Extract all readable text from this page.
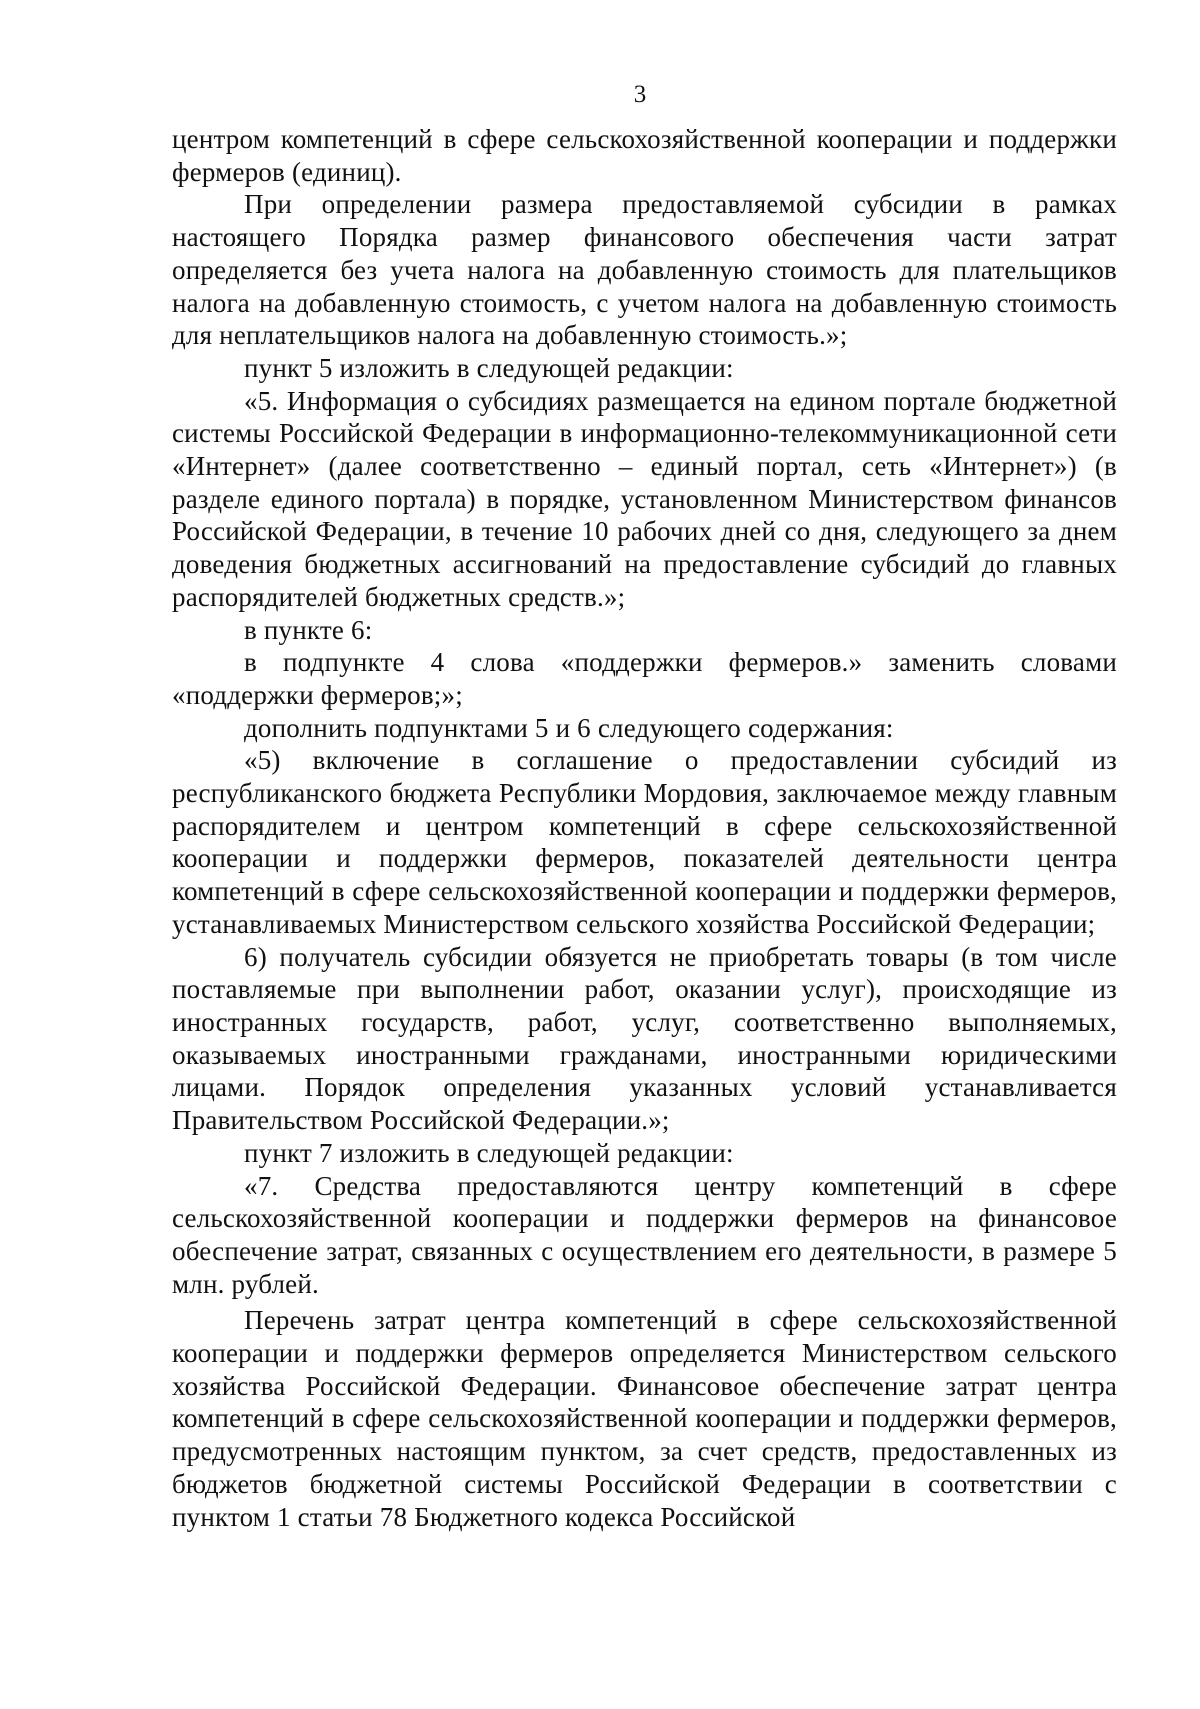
3

центром компетенций в сфере сельскохозяйственной кооперации и поддержки фермеров (единиц).

При определении размера предоставляемой субсидии в рамках настоящего Порядка размер финансового обеспечения части затрат определяется без учета налога на добавленную стоимость для плательщиков налога на добавленную стоимость, с учетом налога на добавленную стоимость для неплательщиков налога на добавленную стоимость.»;

пункт 5 изложить в следующей редакции:

«5. Информация о субсидиях размещается на едином портале бюджетной системы Российской Федерации в информационно-телекоммуникационной сети «Интернет» (далее соответственно – единый портал, сеть «Интернет») (в разделе единого портала) в порядке, установленном Министерством финансов Российской Федерации, в течение 10 рабочих дней со дня, следующего за днем доведения бюджетных ассигнований на предоставление субсидий до главных распорядителей бюджетных средств.»;

в пункте 6:

в подпункте 4 слова «поддержки фермеров.» заменить словами «поддержки фермеров;»;

дополнить подпунктами 5 и 6 следующего содержания:

«5) включение в соглашение о предоставлении субсидий из республиканского бюджета Республики Мордовия, заключаемое между главным распорядителем и центром компетенций в сфере сельскохозяйственной кооперации и поддержки фермеров, показателей деятельности центра компетенций в сфере сельскохозяйственной кооперации и поддержки фермеров, устанавливаемых Министерством сельского хозяйства Российской Федерации;

6) получатель субсидии обязуется не приобретать товары (в том числе поставляемые при выполнении работ, оказании услуг), происходящие из иностранных государств, работ, услуг, соответственно выполняемых, оказываемых иностранными гражданами, иностранными юридическими лицами. Порядок определения указанных условий устанавливается Правительством Российской Федерации.»;

пункт 7 изложить в следующей редакции:

«7. Средства предоставляются центру компетенций в сфере сельскохозяйственной кооперации и поддержки фермеров на финансовое обеспечение затрат, связанных с осуществлением его деятельности, в размере 5 млн. рублей.

Перечень затрат центра компетенций в сфере сельскохозяйственной кооперации и поддержки фермеров определяется Министерством сельского хозяйства Российской Федерации. Финансовое обеспечение затрат центра компетенций в сфере сельскохозяйственной кооперации и поддержки фермеров, предусмотренных настоящим пунктом, за счет средств, предоставленных из бюджетов бюджетной системы Российской Федерации в соответствии с пунктом 1 статьи 78 Бюджетного кодекса Российской
